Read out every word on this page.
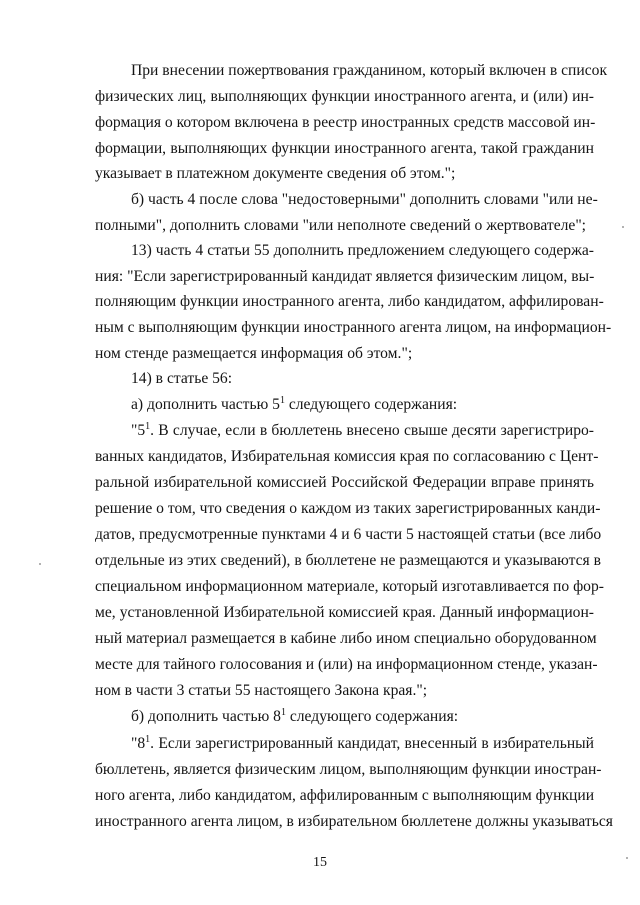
При внесении пожертвования гражданином, который включен в список
физических лиц, выполняющих функции иностранного агента, и (или) ин-
формация о котором включена в реестр иностранных средств массовой ин-
формации, выполняющих функции иностранного агента, такой гражданин
указывает в платежном документе сведения об этом.";
б) часть 4 после слова "недостоверными" дополнить словами "или не-
полными", дополнить словами "или неполноте сведений о жертвователе";
13) часть 4 статьи 55 дополнить предложением следующего содержа-
ния: "Если зарегистрированный кандидат является физическим лицом, вы-
полняющим функции иностранного агента, либо кандидатом, аффилирован-
ным с выполняющим функции иностранного агента лицом, на информацион-
ном стенде размещается информация об этом.";
14) в статье 56:
а) дополнить частью $5^1$ следующего содержания:
"$5^1$. В случае, если в бюллетень внесено свыше десяти зарегистриро-
ванных кандидатов, Избирательная комиссия края по согласованию с Цент-
ральной избирательной комиссией Российской Федерации вправе принять
решение о том, что сведения о каждом из таких зарегистрированных канди-
датов, предусмотренные пунктами 4 и 6 части 5 настоящей статьи (все либо
отдельные из этих сведений), в бюллетене не размещаются и указываются в
специальном информационном материале, который изготавливается по фор-
ме, установленной Избирательной комиссией края. Данный информацион-
ный материал размещается в кабине либо ином специально оборудованном
месте для тайного голосования и (или) на информационном стенде, указан-
ном в части 3 статьи 55 настоящего Закона края.";
б) дополнить частью $8^1$ следующего содержания:
"$8^1$. Если зарегистрированный кандидат, внесенный в избирательный
бюллетень, является физическим лицом, выполняющим функции иностран-
ного агента, либо кандидатом, аффилированным с выполняющим функции
иностранного агента лицом, в избирательном бюллетене должны указываться
15
